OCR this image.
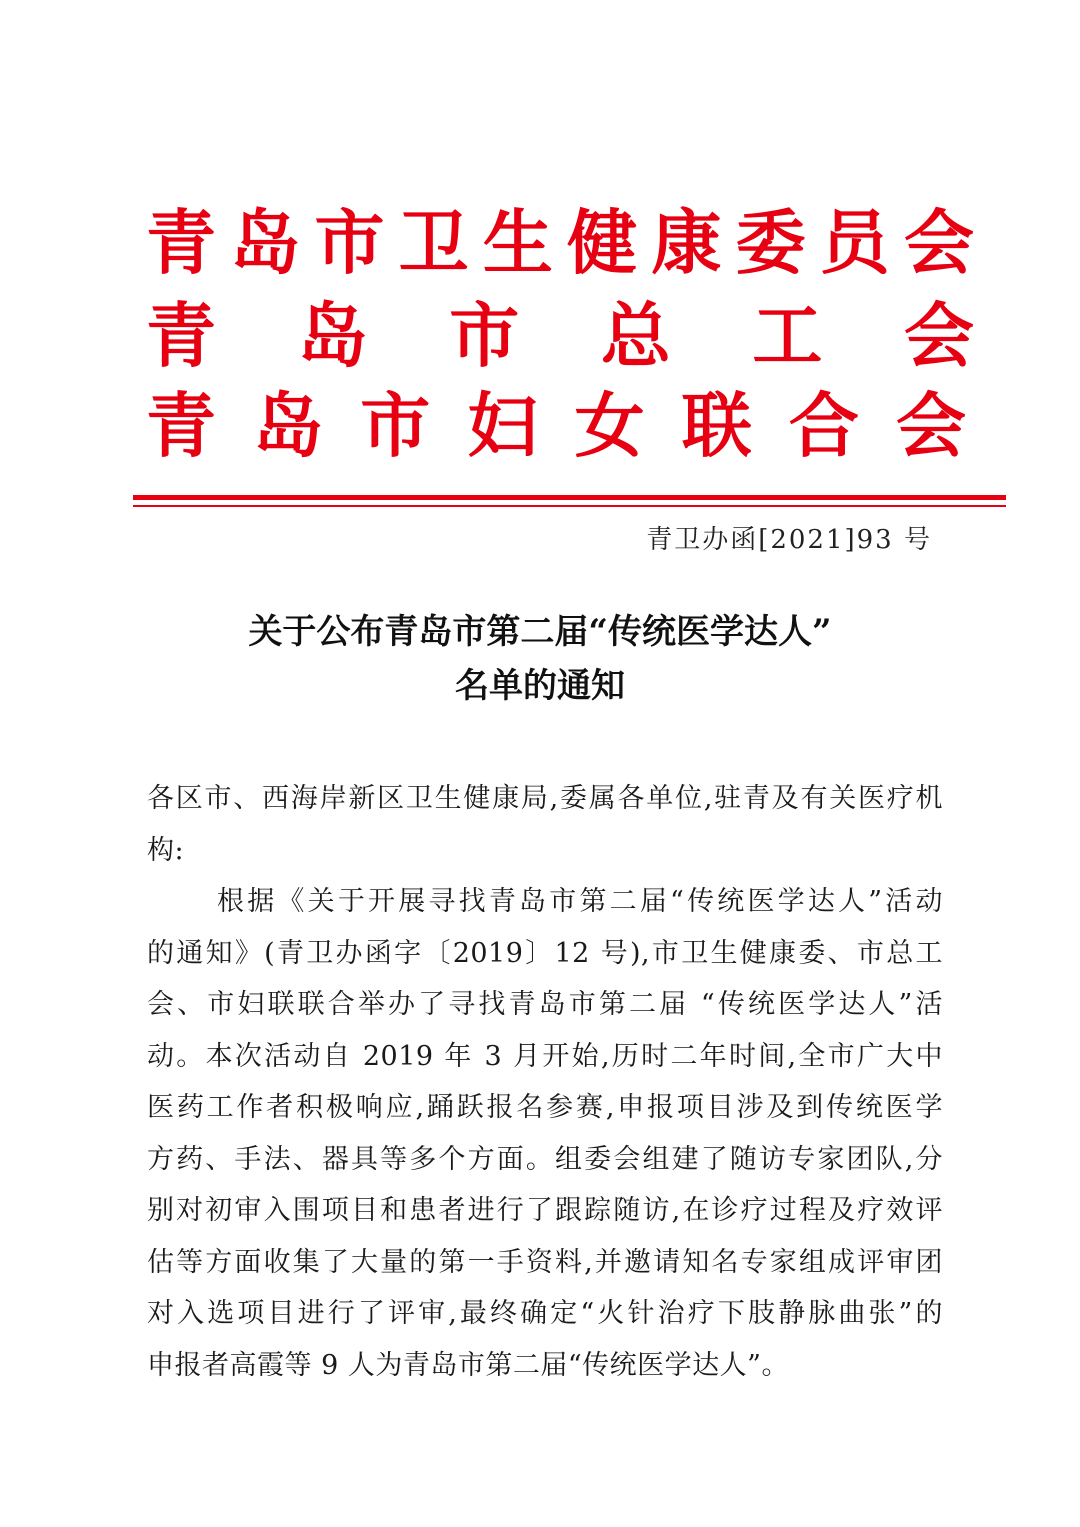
青 岛 市 卫 生 健 康 委 员 会
青 岛 市 总 工 会
青 岛 市 妇 女 联 合 会
青卫办函[2021]93 号
关于公布青岛市第二届“传统医学达人”
名单的通知
各区市、西海岸新区卫生健康局,委属各单位,驻青及有关医疗机
构:
根据《关于开展寻找青岛市第二届“传统医学达人”活动
的通知》(青卫办函字〔2019〕12 号),市卫生健康委、市总工
会、市妇联联合举办了寻找青岛市第二届 “传统医学达人”活
动。本次活动自 2019 年 3 月开始,历时二年时间,全市广大中
医药工作者积极响应,踊跃报名参赛,申报项目涉及到传统医学
方药、手法、器具等多个方面。组委会组建了随访专家团队,分
别对初审入围项目和患者进行了跟踪随访,在诊疗过程及疗效评
估等方面收集了大量的第一手资料,并邀请知名专家组成评审团
对入选项目进行了评审,最终确定“火针治疗下肢静脉曲张”的
申报者高霞等 9 人为青岛市第二届“传统医学达人”。
